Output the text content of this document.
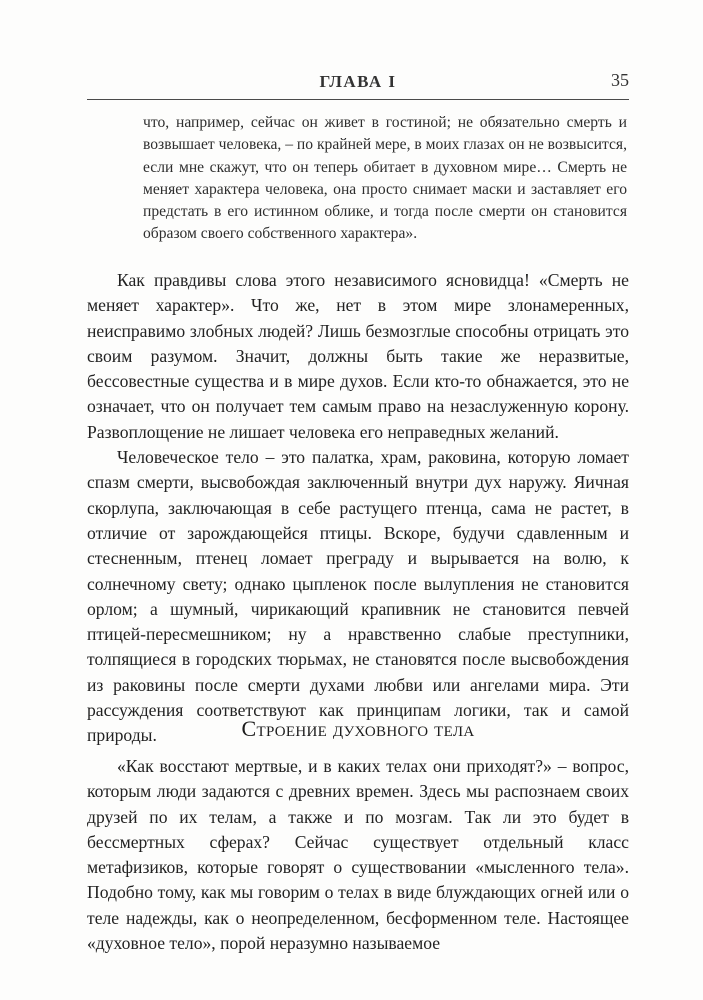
ГЛАВА I	35
что, например, сейчас он живет в гостиной; не обязательно смерть и возвышает человека, – по крайней мере, в моих глазах он не возвысится, если мне скажут, что он теперь обитает в духовном мире… Смерть не меняет характера человека, она просто снимает маски и заставляет его предстать в его истинном облике, и тогда после смерти он становится образом своего собственного характера».

Как правдивы слова этого независимого ясновидца! «Смерть не меняет характер». Что же, нет в этом мире злонамеренных, неисправимо злобных людей? Лишь безмозглые способны отрицать это своим разумом. Значит, должны быть такие же неразвитые, бессовестные существа и в мире духов. Если кто-то обнажается, это не означает, что он получает тем самым право на незаслуженную корону. Развоплощение не лишает человека его неправедных желаний.

Человеческое тело – это палатка, храм, раковина, которую ломает спазм смерти, высвобождая заключенный внутри дух наружу. Яичная скорлупа, заключающая в себе растущего птенца, сама не растет, в отличие от зарождающейся птицы. Вскоре, будучи сдавленным и стесненным, птенец ломает преграду и вырывается на волю, к солнечному свету; однако цыпленок после вылупления не становится орлом; а шумный, чирикающий крапивник не становится певчей птицей-пересмешником; ну а нравственно слабые преступники, толпящиеся в городских тюрьмах, не становятся после высвобождения из раковины после смерти духами любви или ангелами мира. Эти рассуждения соответствуют как принципам логики, так и самой природы.	Строение духовного тела

«Как восстают мертвые, и в каких телах они приходят?» – вопрос, которым люди задаются с древних времен. Здесь мы распознаем своих друзей по их телам, а также и по мозгам. Так ли это будет в бессмертных сферах? Сейчас существует отдельный класс метафизиков, которые говорят о существовании «мысленного тела». Подобно тому, как мы говорим о телах в виде блуждающих огней или о теле надежды, как о неопределенном, бесформенном теле. Настоящее «духовное тело», порой неразумно называемое
